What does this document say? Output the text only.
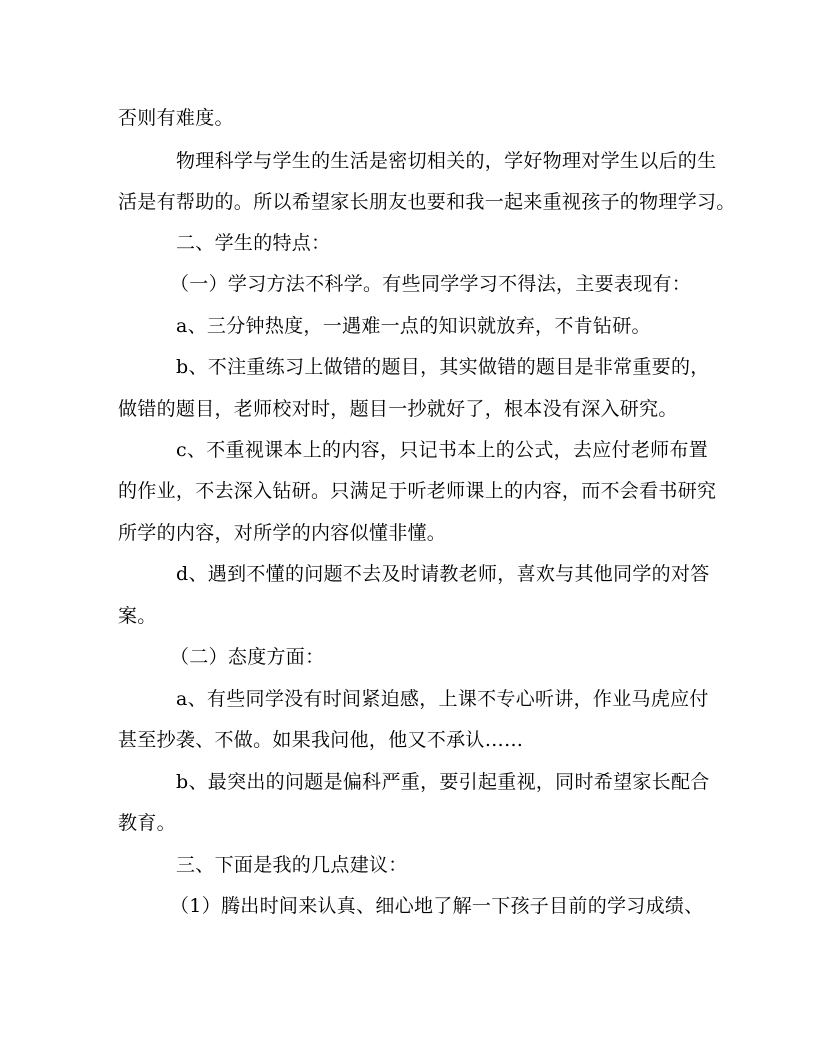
否则有难度。
物理科学与学生的生活是密切相关的，学好物理对学生以后的生
活是有帮助的。所以希望家长朋友也要和我一起来重视孩子的物理学习。
二、学生的特点：
（一）学习方法不科学。有些同学学习不得法，主要表现有：
a、三分钟热度，一遇难一点的知识就放弃，不肯钻研。
b、不注重练习上做错的题目，其实做错的题目是非常重要的，
做错的题目，老师校对时，题目一抄就好了，根本没有深入研究。
c、不重视课本上的内容，只记书本上的公式，去应付老师布置
的作业，不去深入钻研。只满足于听老师课上的内容，而不会看书研究
所学的内容，对所学的内容似懂非懂。
d、遇到不懂的问题不去及时请教老师，喜欢与其他同学的对答
案。
（二）态度方面：
a、有些同学没有时间紧迫感，上课不专心听讲，作业马虎应付
甚至抄袭、不做。如果我问他，他又不承认……
b、最突出的问题是偏科严重，要引起重视，同时希望家长配合
教育。
三、下面是我的几点建议：
（1）腾出时间来认真、细心地了解一下孩子目前的学习成绩、
